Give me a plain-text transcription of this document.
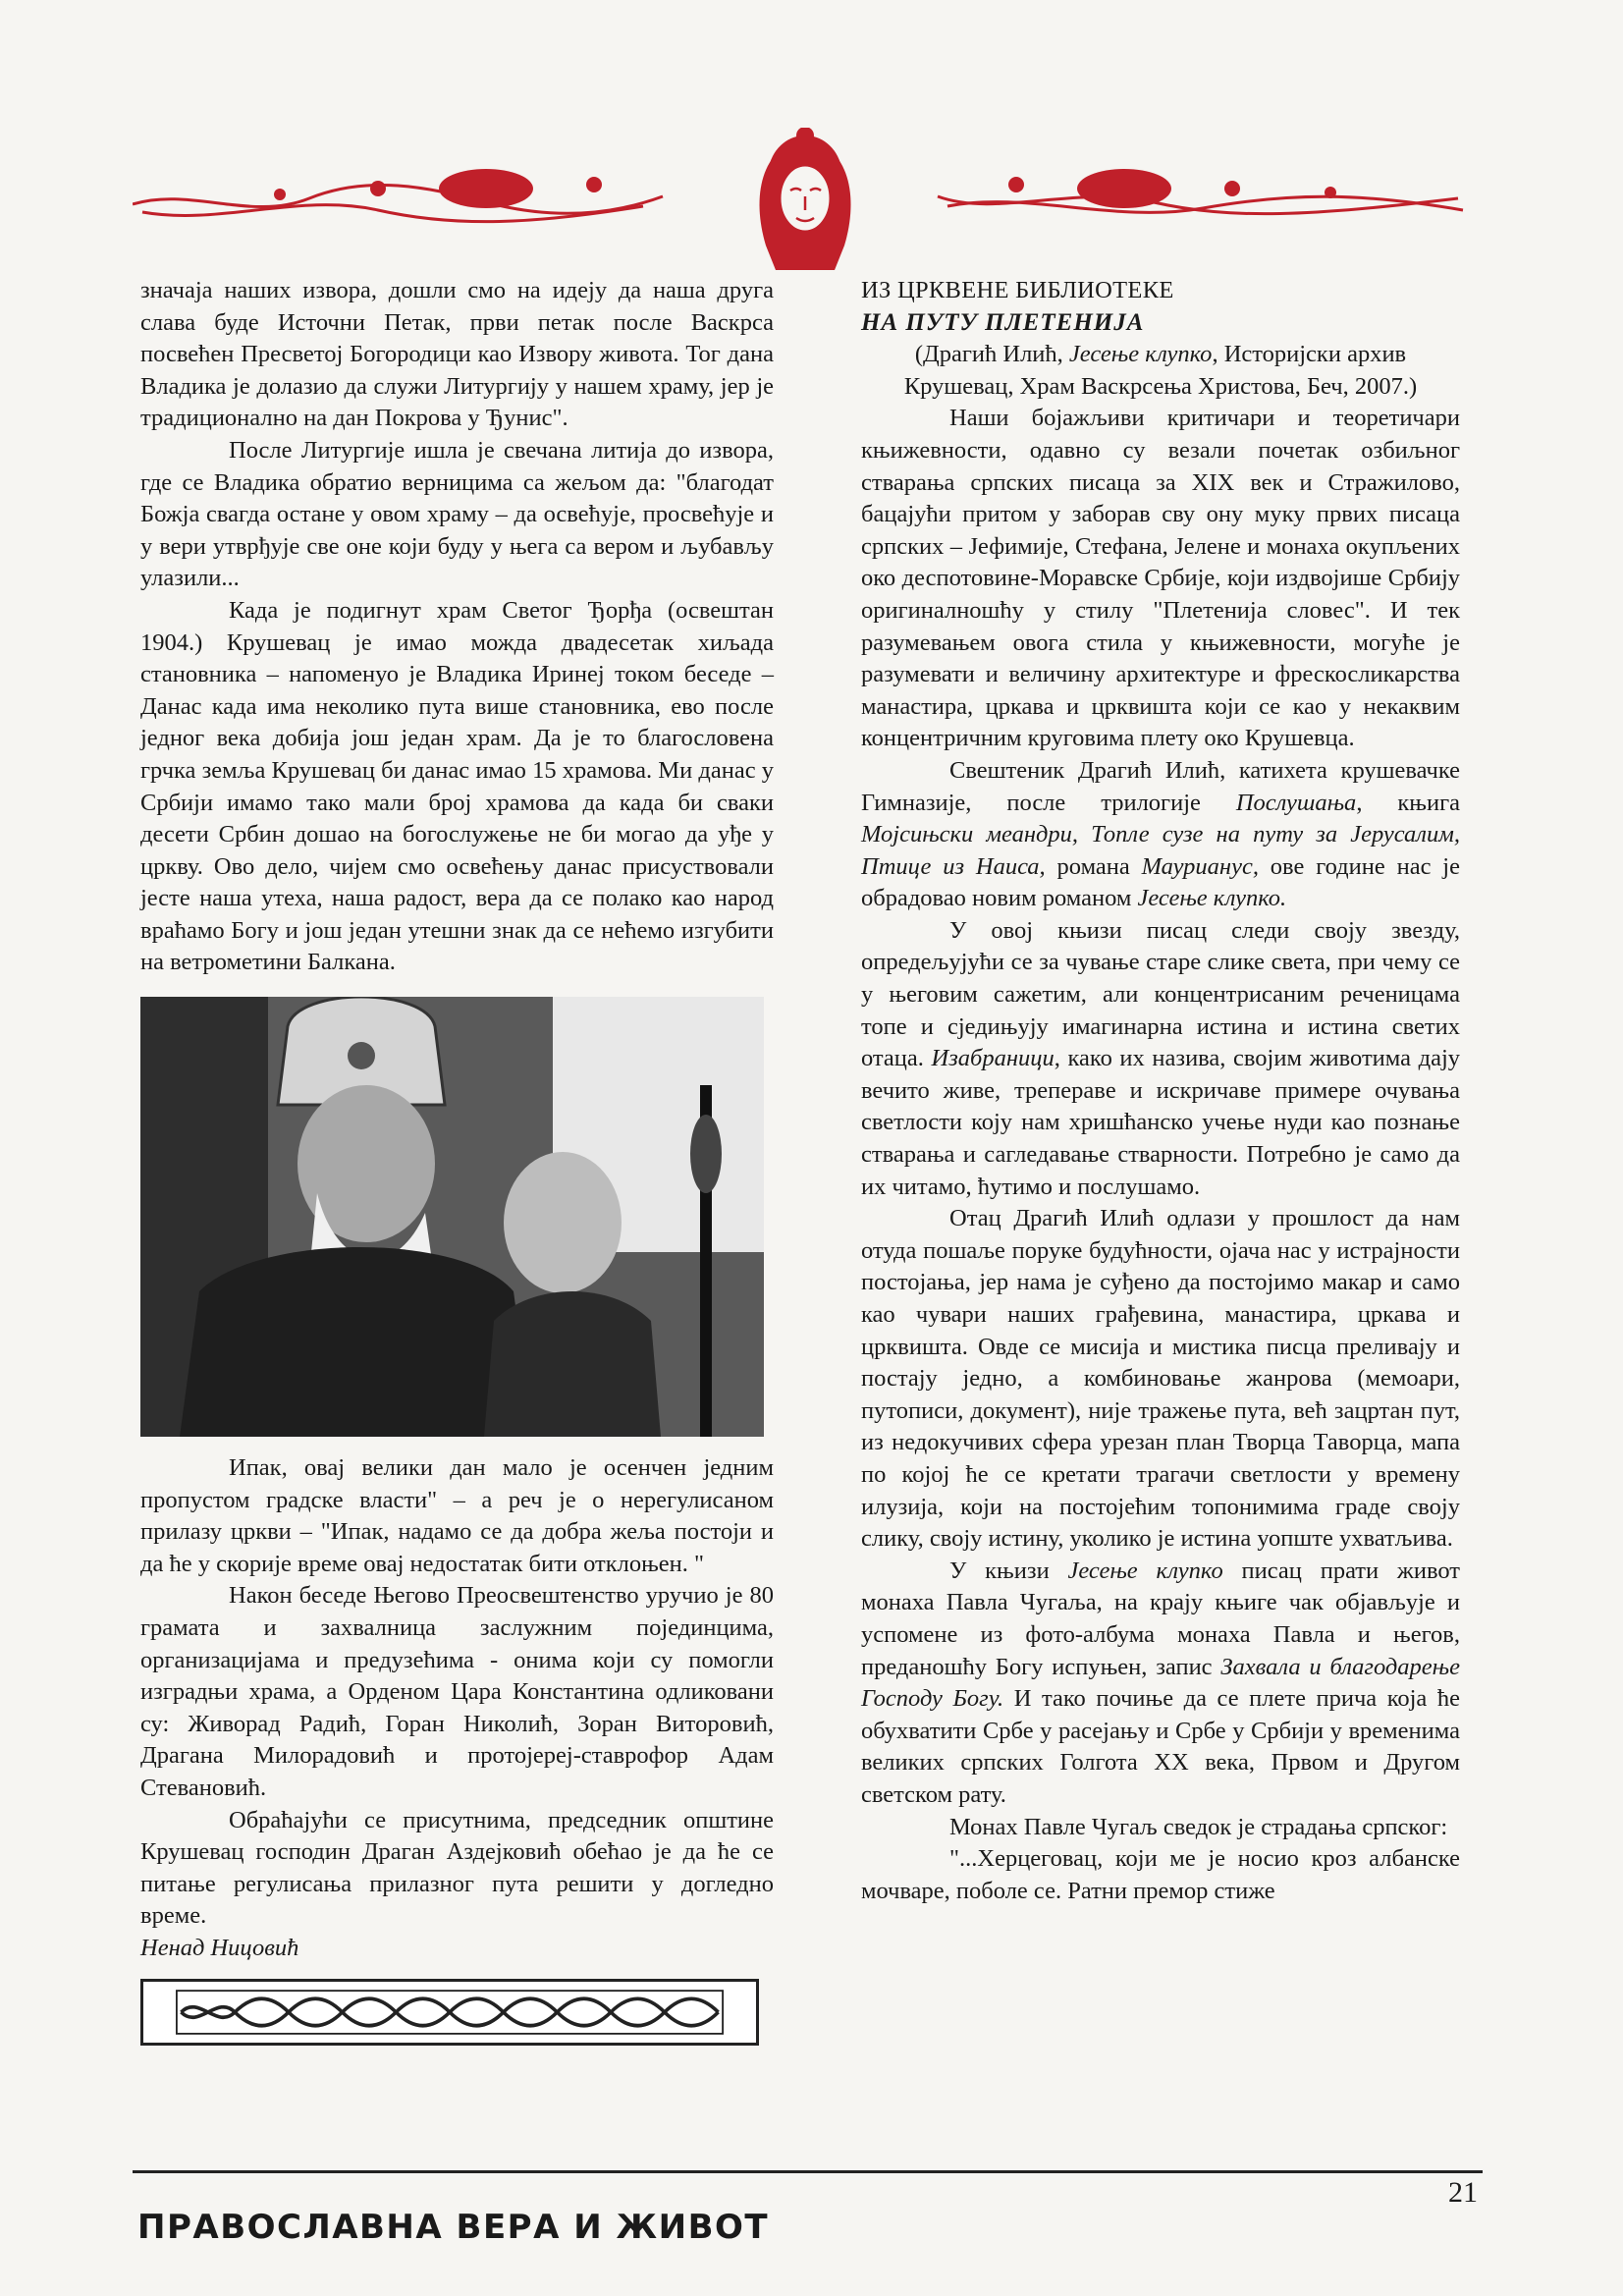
значаја наших извора, дошли смо на идеју да наша друга слава буде Источни Петак, први петак после Васкрса посвећен Пресветој Богородици као Извору живота. Тог дана Владика је долазио да служи Литургију у нашем храму, јер је традиционално на дан Покрова у Ђунис".

После Литургије ишла је свечана литија до извора, где се Владика обратио верницима са жељом да: "благодат Божја свагда остане у овом храму – да освећује, просвећује и у вери утврђује све оне који буду у њега са вером и љубављу улазили...

Када је подигнут храм Светог Ђорђа (освештан 1904.) Крушевац је имао можда двадесетак хиљада становника – напоменуо је Владика Иринеј током беседе – Данас када има неколико пута више становника, ево после једног века добија још један храм. Да је то благословена грчка земља Крушевац би данас имао 15 храмова. Ми данас у Србији имамо тако мали број храмова да када би сваки десети Србин дошао на богослужење не би могао да уђе у цркву. Ово дело, чијем смо освећењу данас присуствовали јесте наша утеха, наша радост, вера да се полако као народ враћамо Богу и још један утешни знак да се нећемо изгубити на ветрометини Балкана.

Ипак, овај велики дан мало је осенчен једним пропустом градске власти" – а реч је о нерегулисаном прилазу цркви – "Ипак, надамо се да добра жеља постоји и да ће у скорије време овај недостатак бити отклоњен. "

Након беседе Његово Преосвештенство уручио је 80 грамата и захвалница заслужним појединцима, организацијама и предузећима - онима који су помогли изградњи храма, а Орденом Цара Константина одликовани су: Живорад Радић, Горан Николић, Зоран Витoровић, Драгана Милорадовић и протојереј-ставрофор Адам Стевановић.

Обраћајући се присутнима, председник општине Крушевац господин Драган Аздејковић обећао је да ће се питање регулисања прилазног пута решити у догледно време.

Ненад Ницовић

ИЗ ЦРКВЕНЕ БИБЛИОТЕКЕ

НА ПУТУ ПЛЕТЕНИЈА

(Драгић Илић, Јесење клупко, Историјски архив Крушевац, Храм Васкрсења Христова, Беч, 2007.)

Наши бојажљиви критичари и теоретичари књижевности, одавно су везали почетак озбиљног стварања српских писаца за XIX век и Стражилово, бацајући притом у заборав сву ону муку првих писаца српских – Јефимије, Стефана, Јелене и монаха окупљених око деспотовине-Моравске Србије, који издвојише Србију оригиналношћу у стилу "Плетенија словес". И тек разумевањем овога стила у књижевности, могуће је разумевати и величину архитектуре и фрескосликарства манастира, цркава и црквишта који се као у некаквим концентричним круговима плету око Крушевца.

Свештеник Драгић Илић, катихета крушевачке Гимназије, после трилогије Послушања, књига Мојсињски меандри, Топле сузе на путу за Јерусалим, Птице из Наиса, романа Маурианус, ове године нас је обрадовао новим романом Јесење клупко.

У овој књизи писац следи своју звезду, опредељујући се за чување старе слике света, при чему се у његовим сажетим, али концентрисаним реченицама топе и сједињују имагинарна истина и истина светих отаца. Изабраници, како их назива, својим животима дају вечито живе, треперавe и искричаве примере очувања светлости коју нам хришћанско учење нуди као познање стварања и сагледавање стварности. Потребно је само да их читамо, ћутимо и послушамо.

Отац Драгић Илић одлази у прошлост да нам отуда пошаље поруке будућности, ојача нас у истрајности постојања, јер нама је суђено да постојимо макар и само као чувари наших грађевина, манастира, цркава и црквишта. Овде се мисија и мистика писца преливају и постају једно, а комбиновање жанрова (мемоари, путописи, документ), није тражење пута, већ зацртан пут, из недокучивих сфера урезан план Творца Таворца, мапа по којој ће се кретати трагачи светлости у времену илузија, који на постојећим топонимима граде своју слику, своју истину, уколико је истина уопште ухватљива.

У књизи Јесење клупко писац прати живот монаха Павла Чугаља, на крају књиге чак објављује и успомене из фото-албума монаха Павла и његов, преданошћу Богу испуњен, запис Захвала и благодарење Господу Богу. И тако почиње да се плете прича која ће обухватити Србе у расејању и Србе у Србији у временима великих српских Голгота XX века, Првом и Другом светском рату.

Монах Павле Чугаљ сведок је страдања српског:

"...Херцеговац, који ме је носио кроз албанске мочваре, поболе се. Ратни премор стиже

ПРАВОСЛАВНА ВЕРА И ЖИВОТ
21
